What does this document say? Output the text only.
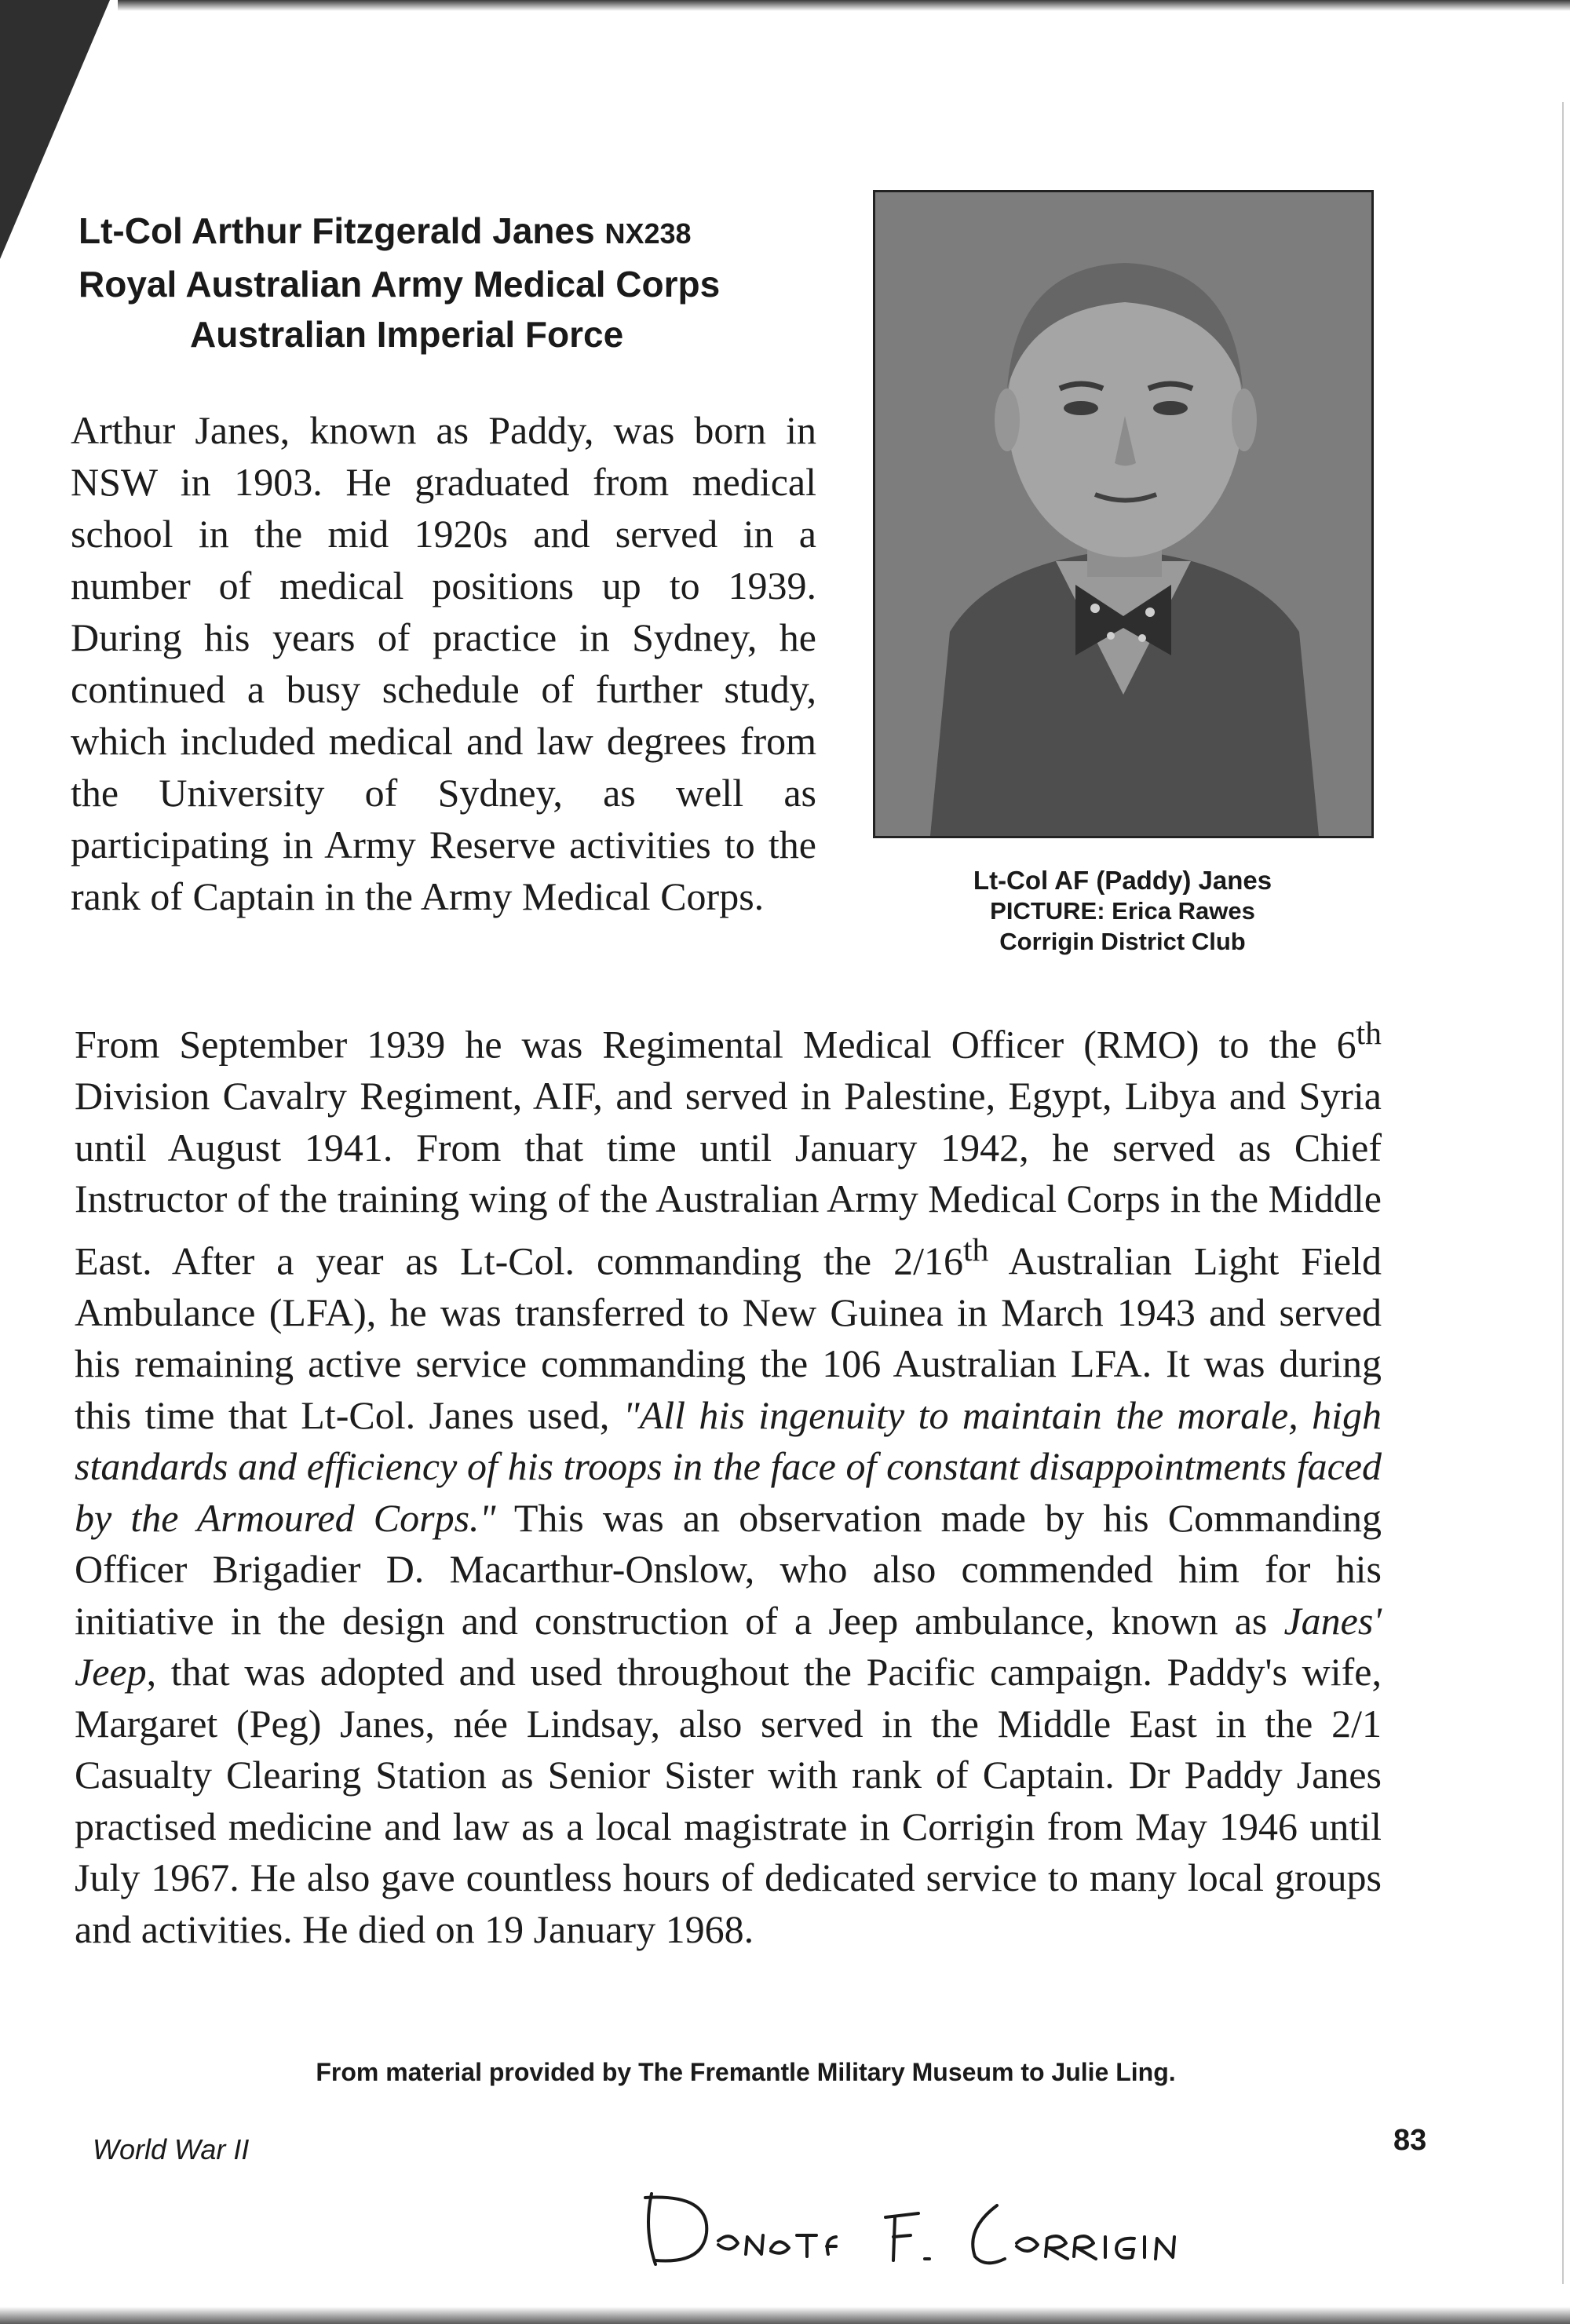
Lt-Col Arthur Fitzgerald Janes NX238
Royal Australian Army Medical Corps
Australian Imperial Force
Arthur Janes, known as Paddy, was born in NSW in 1903. He graduated from medical school in the mid 1920s and served in a number of medical positions up to 1939. During his years of practice in Sydney, he continued a busy schedule of further study, which included medical and law degrees from the University of Sydney, as well as participating in Army Reserve activities to the rank of Captain in the Army Medical Corps.	Lt-Col AF (Paddy) Janes
PICTURE: Erica Rawes
Corrigin District Club
From September 1939 he was Regimental Medical Officer (RMO) to the 6th Division Cavalry Regiment, AIF, and served in Palestine, Egypt, Libya and Syria until August 1941. From that time until January 1942, he served as Chief Instructor of the training wing of the Australian Army Medical Corps in the Middle East. After a year as Lt-Col. commanding the 2/16th Australian Light Field Ambulance (LFA), he was transferred to New Guinea in March 1943 and served his remaining active service commanding the 106 Australian LFA. It was during this time that Lt-Col. Janes used, "All his ingenuity to maintain the morale, high standards and efficiency of his troops in the face of constant disappointments faced by the Armoured Corps." This was an observation made by his Commanding Officer Brigadier D. Macarthur-Onslow, who also commended him for his initiative in the design and construction of a Jeep ambulance, known as Janes' Jeep, that was adopted and used throughout the Pacific campaign. Paddy's wife, Margaret (Peg) Janes, née Lindsay, also served in the Middle East in the 2/1 Casualty Clearing Station as Senior Sister with rank of Captain. Dr Paddy Janes practised medicine and law as a local magistrate in Corrigin from May 1946 until July 1967. He also gave countless hours of dedicated service to many local groups and activities. He died on 19 January 1968.
From material provided by The Fremantle Military Museum to Julie Ling.
World War II	83
